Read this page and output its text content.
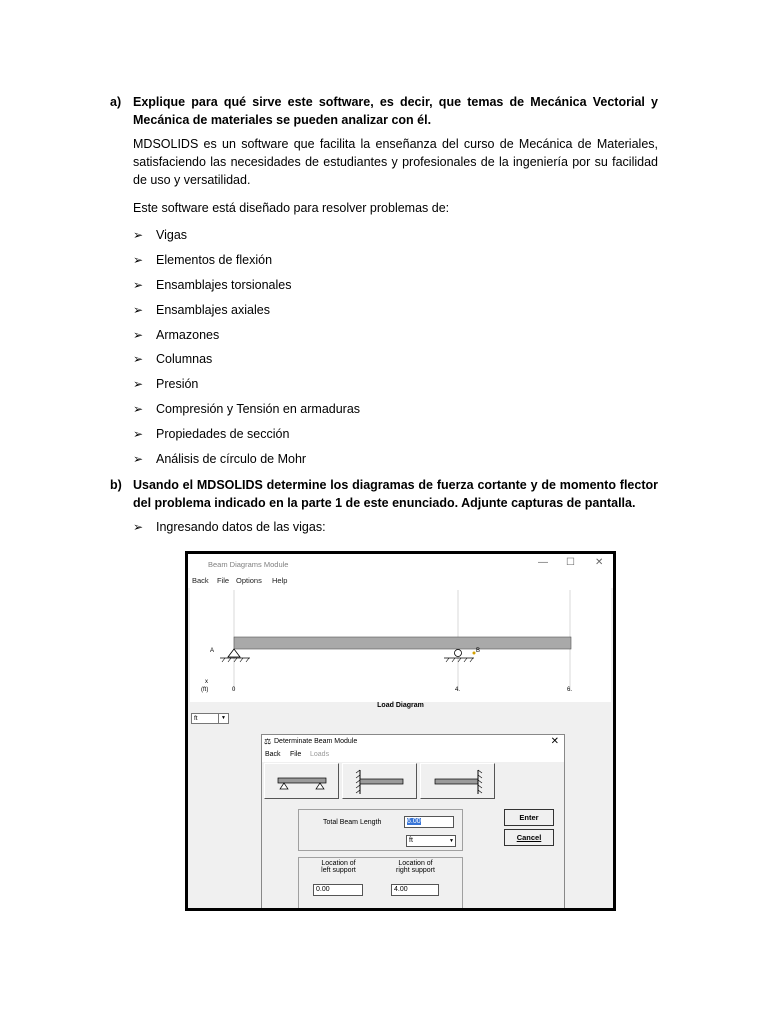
a) Explique para qué sirve este software, es decir, que temas de Mecánica Vectorial y Mecánica de materiales se pueden analizar con él.
MDSOLIDS es un software que facilita la enseñanza del curso de Mecánica de Materiales, satisfaciendo las necesidades de estudiantes y profesionales de la ingeniería por su facilidad de uso y versatilidad.
Este software está diseñado para resolver problemas de:
➢ Vigas
➢ Elementos de flexión
➢ Ensamblajes torsionales
➢ Ensamblajes axiales
➢ Armazones
➢ Columnas
➢ Presión
➢ Compresión y Tensión en armaduras
➢ Propiedades de sección
➢ Análisis de círculo de Mohr
b) Usando el MDSOLIDS determine los diagramas de fuerza cortante y de momento flector del problema indicado en la parte 1 de este enunciado. Adjunte capturas de pantalla.
➢ Ingresando datos de las vigas:
Beam Diagrams Module	— ☐ ✕
Back File Options Help
A	B
x
(ft)	0	4.	6.
Load Diagram
ft	▼
⚖ Determinate Beam Module	✕
Back File Loads
Total Beam Length	6.00
ft	▼
Location of
left support
Location of
right support
0.00	4.00
Enter
Cancel
